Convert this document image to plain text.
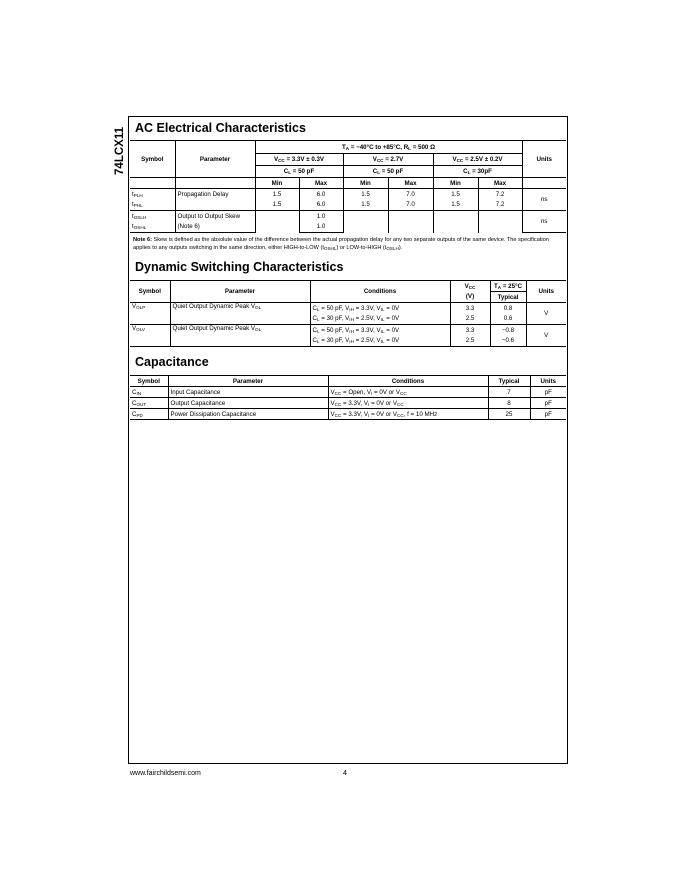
74LCX11 AC Electrical Characteristics
Symbol	Parameter	$T_A = -40^\circ C$ to +85°C, $R_L = 500$ Ω						Units
		$V_{CC} = 3.3V \pm 0.3V$		$V_{CC} = 2.7V$		$V_{CC} = 2.5V \pm 0.2V$		
		$C_L = 50$ pF		$C_L = 50$ pF		$C_L = 30pF$		
		Min	Max	Min	Max	Min	Max	
$t_{PLH}$	Propagation Delay	1.5	6.0	1.5	7.0	1.5	7.2	ns
$t_{PHL}$		1.5	6.0	1.5	7.0	1.5	7.2	
$t_{OSLH}$	Output to Output Skew		1.0					ns
$t_{OSHL}$	(Note 6)		1.0					
Note 6: Skew is defined as the absolute value of the difference between the actual propagation delay for any two separate outputs of the same device. The specification applies to any outputs switching in the same direction, either HIGH-to-LOW $(t_{OSHL})$ or LOW-to-HIGH $(t_{OSLH})$.
Dynamic Switching Characteristics
Symbol	Parameter	Conditions	$V_{CC}$	$T_A = 25^\circ C$	Units
			(V)	Typical	
$V_{OLP}$	Quiet Output Dynamic Peak $V_{OL}$	$C_L = 50$ pF, $V_{IH} = 3.3V$, $V_{IL} = 0V$	3.3	0.8	V
		$C_L = 30$ pF, $V_{IH} = 2.5V$, $V_{IL} = 0V$	2.5	0.6	
$V_{OLV}$	Quiet Output Dynamic Peak $V_{OL}$	$C_L = 50$ pF, $V_{IH} = 3.3V$, $V_{IL} = 0V$	3.3	−0.8	V
		$C_L = 30$ pF, $V_{IH} = 2.5V$, $V_{IL} = 0V$	2.5	−0.6	
Capacitance
Symbol	Parameter	Conditions	Typical	Units
$C_{IN}$	Input Capacitance	$V_{CC}$ = Open, $V_I = 0V$ or $V_{CC}$	7	pF
$C_{OUT}$	Output Capacitance	$V_{CC} = 3.3V$, $V_I = 0V$ or $V_{CC}$	8	pF
$C_{PD}$	Power Dissipation Capacitance	$V_{CC} = 3.3V$, $V_I = 0V$ or $V_{CC}$, f = 10 MHz	25	pF
www.fairchildsemi.com	4
